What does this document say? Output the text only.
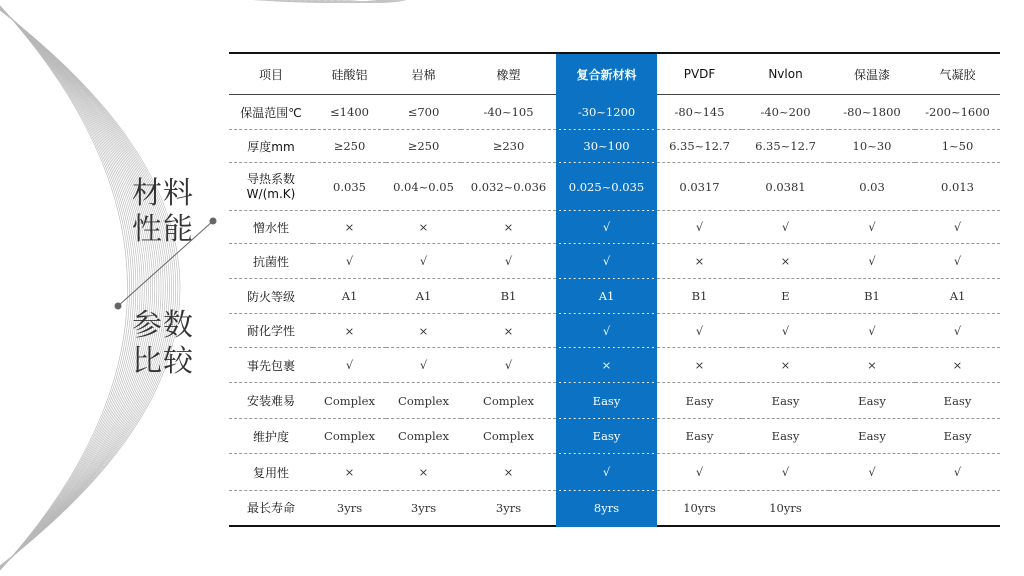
材料性能
参数比较
项目	硅酸铝	岩棉	橡塑	复合新材料	PVDF	Nvlon	保温漆	气凝胶
保温范围℃	≤1400	≤700	-40~105	-30~1200	-80~145	-40~200	-80~1800	-200~1600
厚度mm	≥250	≥250	≥230	30~100	6.35~12.7	6.35~12.7	10~30	1~50
导热系数
W/(m.K)	0.035	0.04~0.05	0.032~0.036	0.025~0.035	0.0317	0.0381	0.03	0.013
憎水性	×	×	×	√	√	√	√	√
抗菌性	√	√	√	√	×	×	√	√
防火等级	A1	A1	B1	A1	B1	E	B1	A1
耐化学性	×	×	×	√	√	√	√	√
事先包裹	√	√	√	×	×	×	×	×
安装难易	Complex	Complex	Complex	Easy	Easy	Easy	Easy	Easy
维护度	Complex	Complex	Complex	Easy	Easy	Easy	Easy	Easy
复用性	×	×	×	√	√	√	√	√
最长寿命	3yrs	3yrs	3yrs	8yrs	10yrs	10yrs		
